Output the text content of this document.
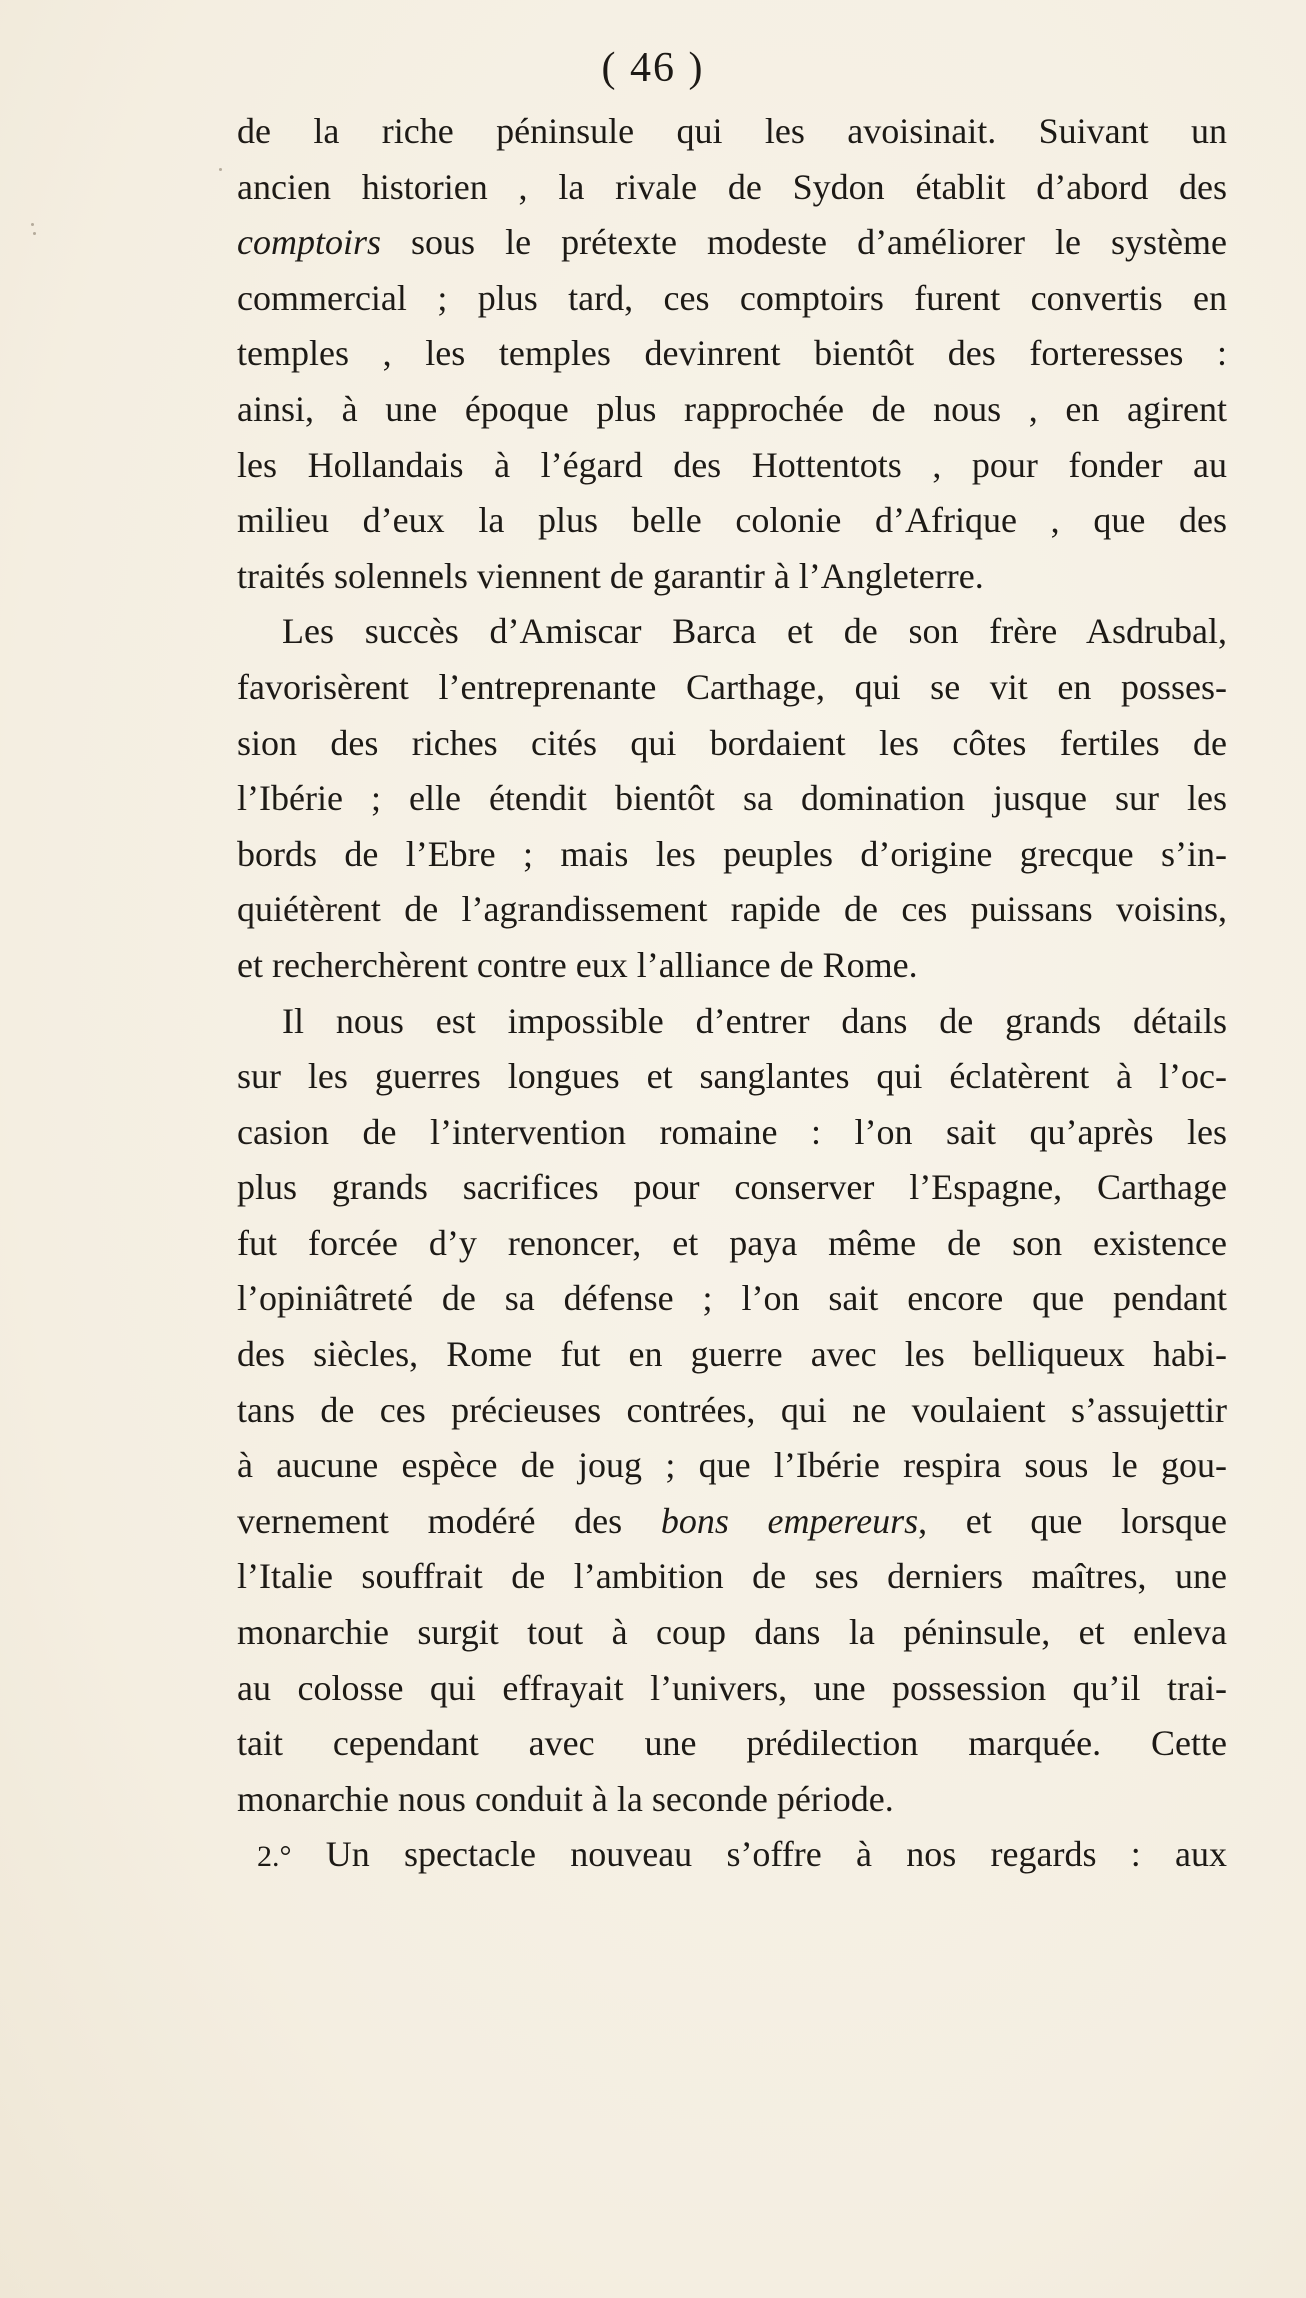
( 46 )
de la riche péninsule qui les avoisinait. Suivant un
ancien historien , la rivale de Sydon établit d’abord des
comptoirs sous le prétexte modeste d’améliorer le système
commercial ; plus tard, ces comptoirs furent convertis en
temples , les temples devinrent bientôt des forteresses :
ainsi, à une époque plus rapprochée de nous , en agirent
les Hollandais à l’égard des Hottentots , pour fonder au
milieu d’eux la plus belle colonie d’Afrique , que des
traités solennels viennent de garantir à l’Angleterre.
Les succès d’Amiscar Barca et de son frère Asdrubal,
favorisèrent l’entreprenante Carthage, qui se vit en posses-
sion des riches cités qui bordaient les côtes fertiles de
l’Ibérie ; elle étendit bientôt sa domination jusque sur les
bords de l’Ebre ; mais les peuples d’origine grecque s’in-
quiétèrent de l’agrandissement rapide de ces puissans voisins,
et recherchèrent contre eux l’alliance de Rome.
Il nous est impossible d’entrer dans de grands détails
sur les guerres longues et sanglantes qui éclatèrent à l’oc-
casion de l’intervention romaine : l’on sait qu’après les
plus grands sacrifices pour conserver l’Espagne, Carthage
fut forcée d’y renoncer, et paya même de son existence
l’opiniâtreté de sa défense ; l’on sait encore que pendant
des siècles, Rome fut en guerre avec les belliqueux habi-
tans de ces précieuses contrées, qui ne voulaient s’assujettir
à aucune espèce de joug ; que l’Ibérie respira sous le gou-
vernement modéré des bons empereurs, et que lorsque
l’Italie souffrait de l’ambition de ses derniers maîtres, une
monarchie surgit tout à coup dans la péninsule, et enleva
au colosse qui effrayait l’univers, une possession qu’il trai-
tait cependant avec une prédilection marquée. Cette
monarchie nous conduit à la seconde période.
2.° Un spectacle nouveau s’offre à nos regards : aux
